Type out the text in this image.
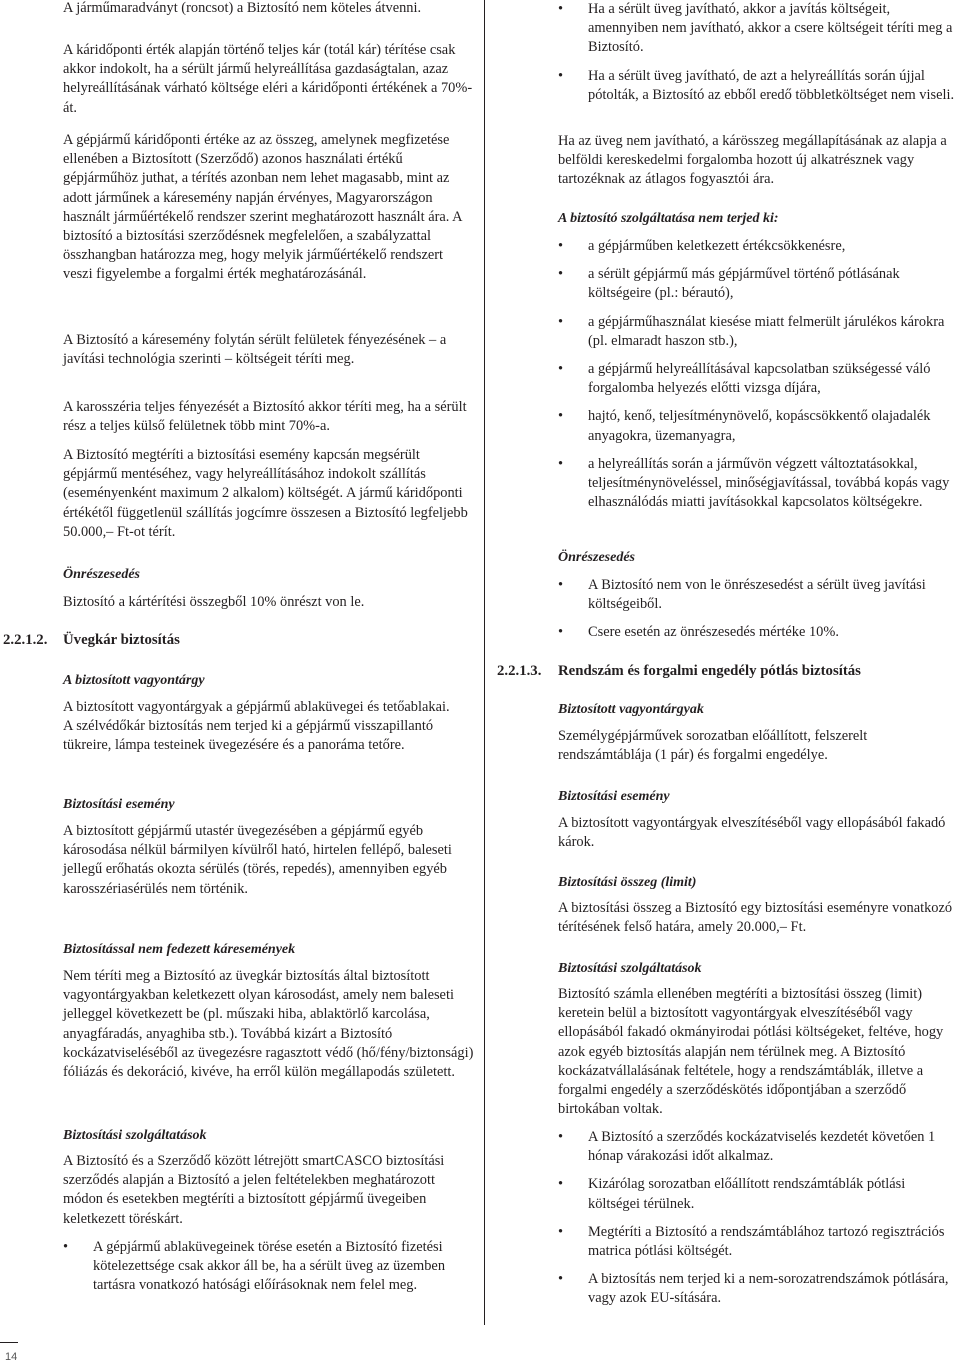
A járműmaradványt (roncsot) a Biztosító nem köteles átvenni.

A káridőponti érték alapján történő teljes kár (totál kár) térítése csak akkor indokolt, ha a sérült jármű helyreállítása gazdaságtalan, azaz helyreállításának várható költsége eléri a káridőponti értékének a 70%-át.

A gépjármű káridőponti értéke az az összeg, amelynek megfizetése ellenében a Biztosított (Szerződő) azonos használati értékű gépjárműhöz juthat, a térítés azonban nem lehet magasabb, mint az adott járműnek a káresemény napján érvényes, Magyarországon használt járműértékelő rendszer szerint meghatározott használt ára. A biztosító a biztosítási szerződésnek megfelelően, a szabályzattal összhangban határozza meg, hogy melyik járműértékelő rendszert veszi figyelembe a forgalmi érték meghatározásánál.

A Biztosító a káresemény folytán sérült felületek fényezésének – a javítási technológia szerinti – költségeit téríti meg.

A karosszéria teljes fényezését a Biztosító akkor téríti meg, ha a sérült rész a teljes külső felületnek több mint 70%-a.

A Biztosító megtéríti a biztosítási esemény kapcsán megsérült gépjármű mentéséhez, vagy helyreállításához indokolt szállítás (eseményenként maximum 2 alkalom) költségét. A jármű káridőponti értékétől függetlenül szállítás jogcímre összesen a Biztosító legfeljebb 50.000,– Ft-ot térít.

Önrészesedés

Biztosító a kártérítési összegből 10% önrészt von le.

A biztosított vagyontárgy

A biztosított vagyontárgyak a gépjármű ablaküvegei és tetőablakai. A szélvédőkár biztosítás nem terjed ki a gépjármű visszapillantó tükreire, lámpa testeinek üvegezésére és a panoráma tetőre.

Biztosítási esemény

A biztosított gépjármű utastér üvegezésében a gépjármű egyéb károsodása nélkül bármilyen kívülről ható, hirtelen fellépő, baleseti jellegű erőhatás okozta sérülés (törés, repedés), amennyiben egyéb karosszériasérülés nem történik.

Biztosítással nem fedezett káresemények

Nem téríti meg a Biztosító az üvegkár biztosítás által biztosított vagyontárgyakban keletkezett olyan károsodást, amely nem baleseti jelleggel következett be (pl. műszaki hiba, ablaktörlő karcolása, anyagfáradás, anyaghiba stb.). Továbbá kizárt a Biztosító kockázatviseléséből az üvegezésre ragasztott védő (hő/fény/biztonsági) fóliázás és dekoráció, kivéve, ha erről külön megállapodás született.

Biztosítási szolgáltatások

A Biztosító és a Szerződő között létrejött smartCASCO biztosítási szerződés alapján a Biztosító a jelen feltételekben meghatározott módon és esetekben megtéríti a biztosított gépjármű üvegeiben keletkezett töréskárt.

• A gépjármű ablaküvegeinek törése esetén a Biztosító fizetési kötelezettsége csak akkor áll be, ha a sérült üveg az üzemben tartásra vonatkozó hatósági előírásoknak nem felel meg.
2.2.1.2. Üvegkár biztosítás
• Ha a sérült üveg javítható, akkor a javítás költségeit, amennyiben nem javítható, akkor a csere költségeit téríti meg a Biztosító.
• Ha a sérült üveg javítható, de azt a helyreállítás során újjal pótolták, a Biztosító az ebből eredő többletköltséget nem viseli.

Ha az üveg nem javítható, a kárösszeg megállapításának az alapja a belföldi kereskedelmi forgalomba hozott új alkatrésznek vagy tartozéknak az átlagos fogyasztói ára.

A biztosító szolgáltatása nem terjed ki:
• a gépjárműben keletkezett értékcsökkenésre,
• a sérült gépjármű más gépjárművel történő pótlásának költségeire (pl.: bérautó),
• a gépjárműhasználat kiesése miatt felmerült járulékos károkra (pl. elmaradt haszon stb.),
• a gépjármű helyreállításával kapcsolatban szükségessé váló forgalomba helyezés előtti vizsga díjára,
• hajtó, kenő, teljesítménynövelő, kopáscsökkentő olajadalék anyagokra, üzemanyagra,
• a helyreállítás során a járművön végzett változtatásokkal, teljesítménynöveléssel, minőségjavítással, továbbá kopás vagy elhasználódás miatti javításokkal kapcsolatos költségekre.
Önrészesedés
• A Biztosító nem von le önrészesedést a sérült üveg javítási költségeiből.
• Csere esetén az önrészesedés mértéke 10%.
Biztosított vagyontárgyak

Személygépjárművek sorozatban előállított, felszerelt rendszámtáblája (1 pár) és forgalmi engedélye.

Biztosítási esemény

A biztosított vagyontárgyak elveszítéséből vagy ellopásából fakadó károk.

Biztosítási összeg (limit)

A biztosítási összeg a Biztosító egy biztosítási eseményre vonatkozó térítésének felső határa, amely 20.000,– Ft.

Biztosítási szolgáltatások

Biztosító számla ellenében megtéríti a biztosítási összeg (limit) keretein belül a biztosított vagyontárgyak elveszítéséből vagy ellopásából fakadó okmányirodai pótlási költségeket, feltéve, hogy azok egyéb biztosítás alapján nem térülnek meg. A Biztosító kockázatvállalásának feltétele, hogy a rendszámtáblák, illetve a forgalmi engedély a szerződéskötés időpontjában a szerződő birtokában voltak.

• A Biztosító a szerződés kockázatviselés kezdetét követően 1 hónap várakozási időt alkalmaz.
• Kizárólag sorozatban előállított rendszámtáblák pótlási költségei térülnek.
• Megtéríti a Biztosító a rendszámtáblához tartozó regisztrációs matrica pótlási költségét.
• A biztosítás nem terjed ki a nem-sorozatrendszámok pótlására, vagy azok EU-sítására.
2.2.1.3. Rendszám és forgalmi engedély pótlás biztosítás
14
